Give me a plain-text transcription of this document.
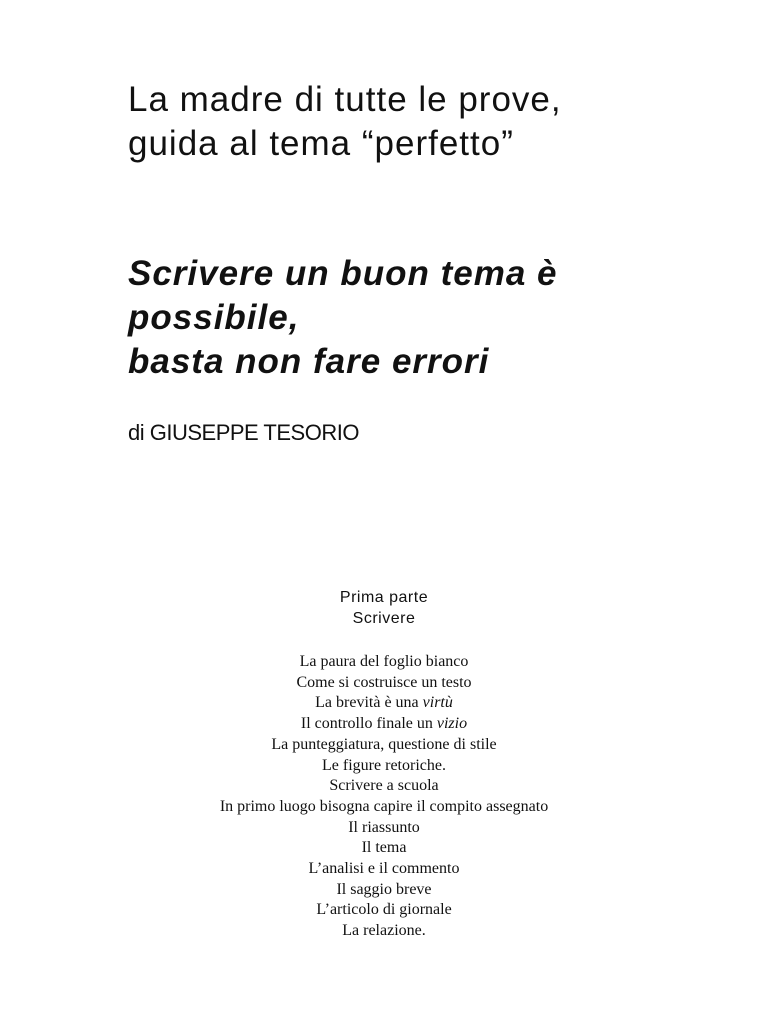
La madre di tutte le prove,
guida al tema “perfetto”
Scrivere un buon tema è
possibile,
basta non fare errori

di GIUSEPPE TESORIO

Prima parte
Scrivere
La paura del foglio bianco
Come si costruisce un testo
La brevità è una virtù
Il controllo finale un vizio
La punteggiatura, questione di stile
Le figure retoriche.
Scrivere a scuola
In primo luogo bisogna capire il compito assegnato
Il riassunto
Il tema
L’analisi e il commento
Il saggio breve
L’articolo di giornale
La relazione.
